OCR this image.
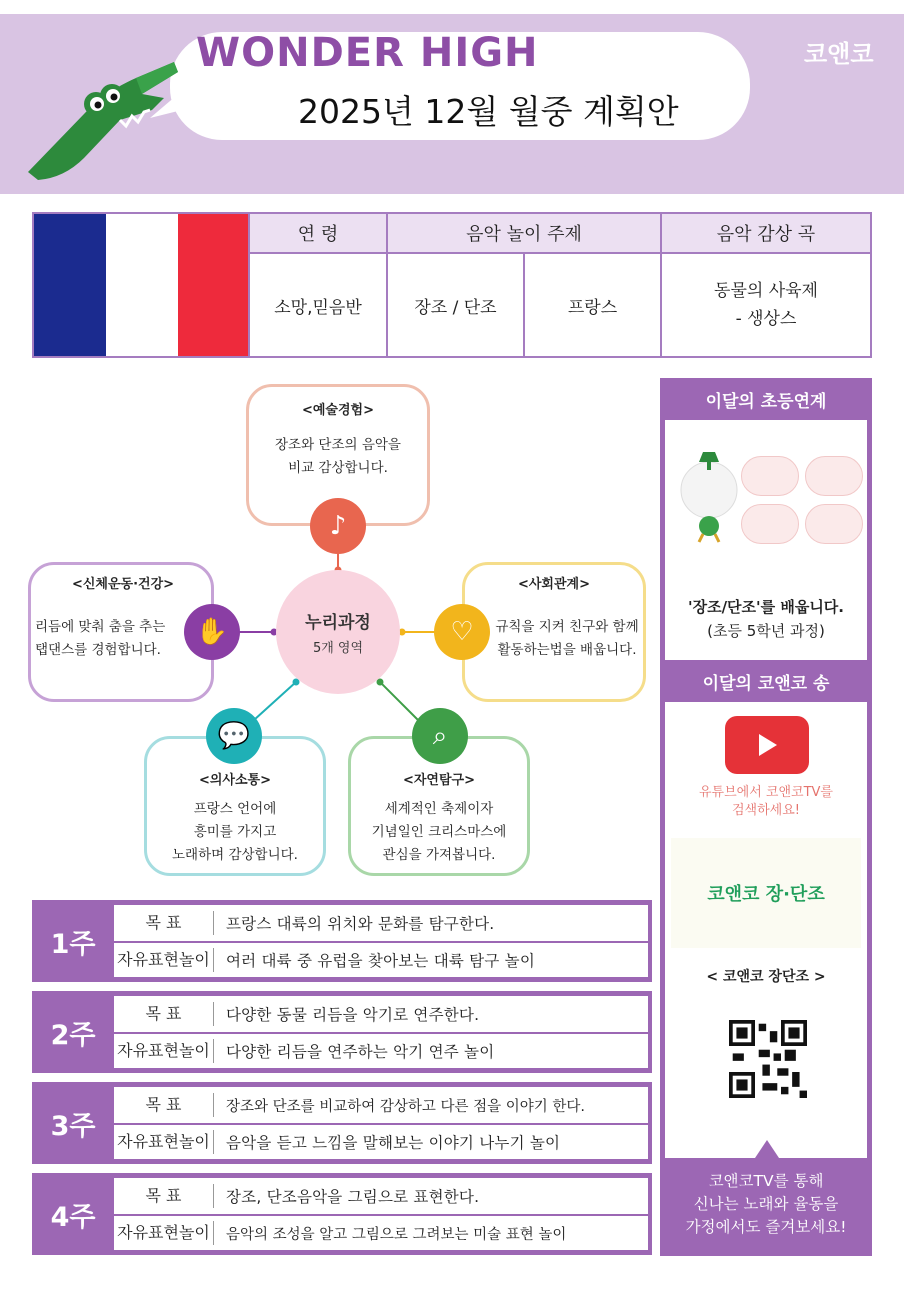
WONDER HIGH
2025년 12월 월중 계획안
코앤코
연 령	음악 놀이 주제	음악 감상 곡
소망,믿음반	장조 / 단조	프랑스
동물의 사육제
- 생상스
<예술경험>
장조와 단조의 음악을
비교 감상합니다.
♪
<신체운동·건강>
리듬에 맞춰 춤을 추는
탭댄스를 경험합니다.
✋	누리과정
5개 영역
<사회관계>
규칙을 지켜 친구와 함께
활동하는법을 배웁니다.
♡
<의사소통>
프랑스 언어에
흥미를 가지고
노래하며 감상합니다.
💬
<자연탐구>
세계적인 축제이자
기념일인 크리스마스에
관심을 가져봅니다.
⌕
1주
목 표	프랑스 대륙의 위치와 문화를 탐구한다.
자유표현놀이	여러 대륙 중 유럽을 찾아보는 대륙 탐구 놀이
2주
목 표	다양한 동물 리듬을 악기로 연주한다.
자유표현놀이	다양한 리듬을 연주하는 악기 연주 놀이
3주
목 표	장조와 단조를 비교하여 감상하고 다른 점을 이야기 한다.
자유표현놀이	음악을 듣고 느낌을 말해보는 이야기 나누기 놀이
4주
목 표	장조, 단조음악을 그림으로 표현한다.
자유표현놀이	음악의 조성을 알고 그림으로 그려보는 미술 표현 놀이
이달의 초등연계
'장조/단조'를 배웁니다.
(초등 5학년 과정)
이달의 코앤코 송
유튜브에서 코앤코TV를
검색하세요!
코앤코 장·단조
< 코앤코 장단조 >
코앤코TV를 통해
신나는 노래와 율동을
가정에서도 즐겨보세요!
